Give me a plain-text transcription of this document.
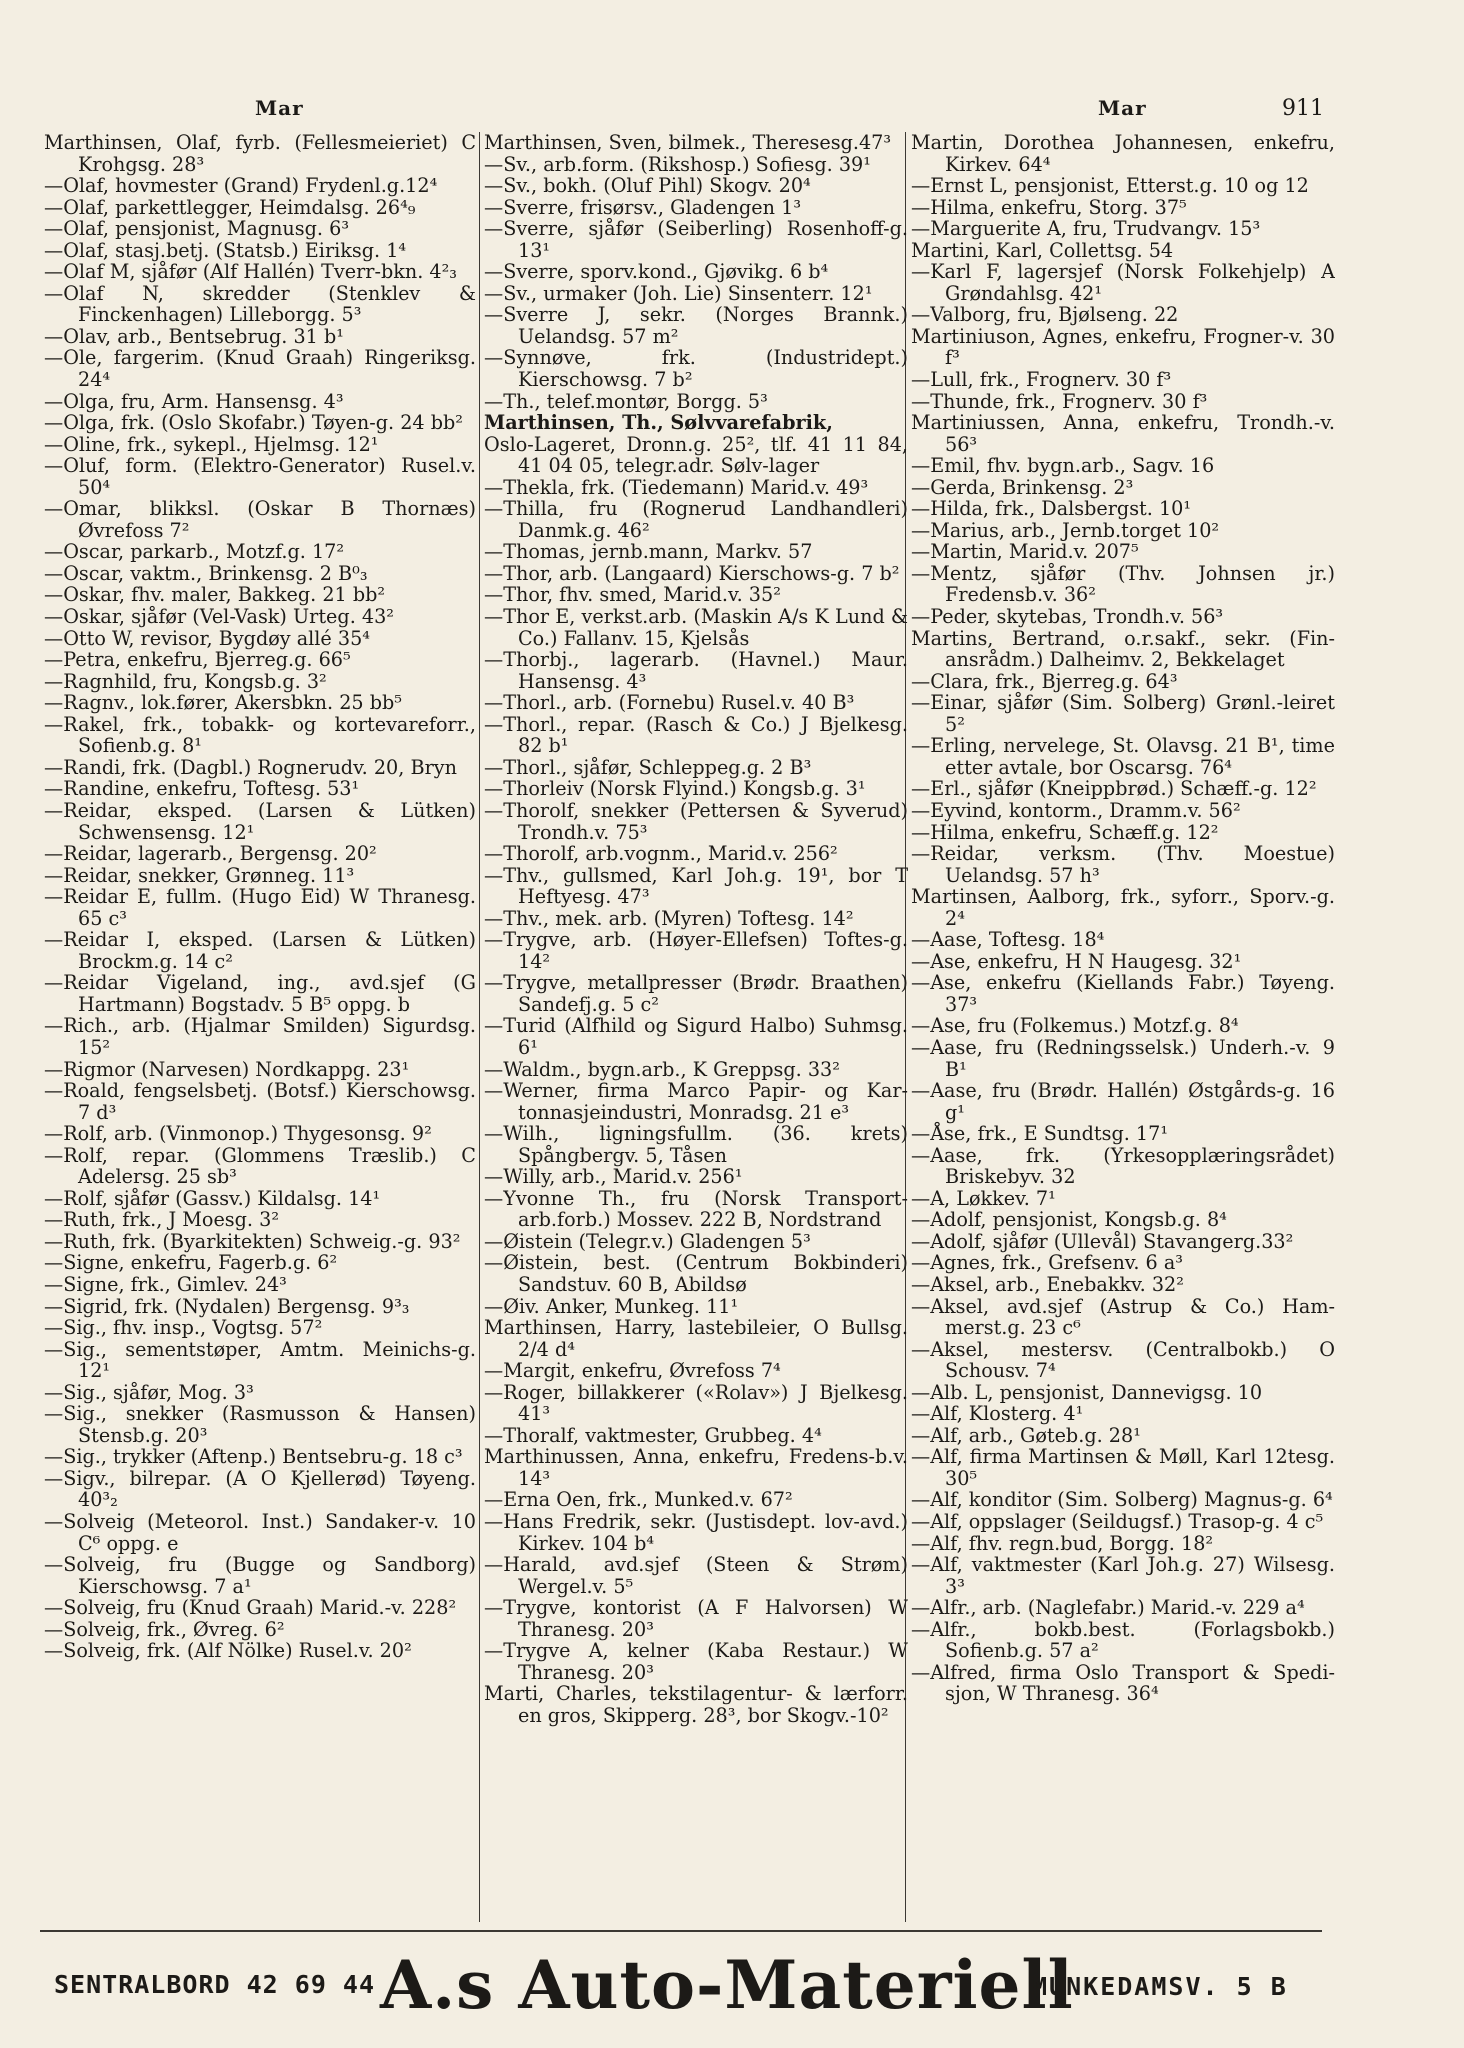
Mar	Mar	911

Marthinsen, Olaf, fyrb. (Fellesmeieriet) C Krohgsg. 28³

—Olaf, hovmester (Grand) Frydenl.g.12⁴

—Olaf, parkettlegger, Heimdalsg. 26⁴₉

—Olaf, pensjonist, Magnusg. 6³

—Olaf, stasj.betj. (Statsb.) Eiriksg. 1⁴

—Olaf M, sjåfør (Alf Hallén) Tverr-bkn. 4²₃

—Olaf N, skredder (Stenklev & Finckenhagen) Lilleborgg. 5³

—Olav, arb., Bentsebrug. 31 b¹

—Ole, fargerim. (Knud Graah) Ringeriksg. 24⁴

—Olga, fru, Arm. Hansensg. 4³

—Olga, frk. (Oslo Skofabr.) Tøyen-g. 24 bb²

—Oline, frk., sykepl., Hjelmsg. 12¹

—Oluf, form. (Elektro-Generator) Rusel.v. 50⁴

—Omar, blikksl. (Oskar B Thornæs) Øvrefoss 7²

—Oscar, parkarb., Motzf.g. 17²

—Oscar, vaktm., Brinkensg. 2 B⁰₃

—Oskar, fhv. maler, Bakkeg. 21 bb²

—Oskar, sjåfør (Vel-Vask) Urteg. 43²

—Otto W, revisor, Bygdøy allé 35⁴

—Petra, enkefru, Bjerreg.g. 66⁵

—Ragnhild, fru, Kongsb.g. 3²

—Ragnv., lok.fører, Akersbkn. 25 bb⁵

—Rakel, frk., tobakk- og kortevareforr., Sofienb.g. 8¹

—Randi, frk. (Dagbl.) Rognerudv. 20, Bryn

—Randine, enkefru, Toftesg. 53¹

—Reidar, eksped. (Larsen & Lütken) Schwensensg. 12¹

—Reidar, lagerarb., Bergensg. 20²

—Reidar, snekker, Grønneg. 11³

—Reidar E, fullm. (Hugo Eid) W Thranesg. 65 c³

—Reidar I, eksped. (Larsen & Lütken) Brockm.g. 14 c²

—Reidar Vigeland, ing., avd.sjef (G Hartmann) Bogstadv. 5 B⁵ oppg. b

—Rich., arb. (Hjalmar Smilden) Sigurdsg. 15²

—Rigmor (Narvesen) Nordkappg. 23¹

—Roald, fengselsbetj. (Botsf.) Kierschowsg. 7 d³

—Rolf, arb. (Vinmonop.) Thygesonsg. 9²

—Rolf, repar. (Glommens Træslib.) C Adelersg. 25 sb³

—Rolf, sjåfør (Gassv.) Kildalsg. 14¹

—Ruth, frk., J Moesg. 3²

—Ruth, frk. (Byarkitekten) Schweig.-g. 93²

—Signe, enkefru, Fagerb.g. 6²

—Signe, frk., Gimlev. 24³

—Sigrid, frk. (Nydalen) Bergensg. 9³₃

—Sig., fhv. insp., Vogtsg. 57²

—Sig., sementstøper, Amtm. Meinichs-g. 12¹

—Sig., sjåfør, Mog. 3³

—Sig., snekker (Rasmusson & Hansen) Stensb.g. 20³

—Sig., trykker (Aftenp.) Bentsebru-g. 18 c³

—Sigv., bilrepar. (A O Kjellerød) Tøyeng. 40³₂

—Solveig (Meteorol. Inst.) Sandaker-v. 10 C⁶ oppg. e

—Solveig, fru (Bugge og Sandborg) Kierschowsg. 7 a¹

—Solveig, fru (Knud Graah) Marid.-v. 228²

—Solveig, frk., Øvreg. 6²

—Solveig, frk. (Alf Nölke) Rusel.v. 20²

Marthinsen, Sven, bilmek., Theresesg.47³

—Sv., arb.form. (Rikshosp.) Sofiesg. 39¹

—Sv., bokh. (Oluf Pihl) Skogv. 20⁴

—Sverre, frisørsv., Gladengen 1³

—Sverre, sjåfør (Seiberling) Rosenhoff-g. 13¹

—Sverre, sporv.kond., Gjøvikg. 6 b⁴

—Sv., urmaker (Joh. Lie) Sinsenterr. 12¹

—Sverre J, sekr. (Norges Brannk.) Uelandsg. 57 m²

—Synnøve, frk. (Industridept.) Kierschowsg. 7 b²

—Th., telef.montør, Borgg. 5³

Marthinsen, Th., Sølvvarefabrik,

Oslo-Lageret, Dronn.g. 25², tlf. 41 11 84, 41 04 05, telegr.adr. Sølv-lager

—Thekla, frk. (Tiedemann) Marid.v. 49³

—Thilla, fru (Rognerud Landhandleri) Danmk.g. 46²

—Thomas, jernb.mann, Markv. 57

—Thor, arb. (Langaard) Kierschows-g. 7 b²

—Thor, fhv. smed, Marid.v. 35²

—Thor E, verkst.arb. (Maskin A/s K Lund & Co.) Fallanv. 15, Kjelsås

—Thorbj., lagerarb. (Havnel.) Maur. Hansensg. 4³

—Thorl., arb. (Fornebu) Rusel.v. 40 B³

—Thorl., repar. (Rasch & Co.) J Bjelkesg. 82 b¹

—Thorl., sjåfør, Schleppeg.g. 2 B³

—Thorleiv (Norsk Flyind.) Kongsb.g. 3¹

—Thorolf, snekker (Pettersen & Syverud) Trondh.v. 75³

—Thorolf, arb.vognm., Marid.v. 256²

—Thv., gullsmed, Karl Joh.g. 19¹, bor T Heftyesg. 47³

—Thv., mek. arb. (Myren) Toftesg. 14²

—Trygve, arb. (Høyer-Ellefsen) Toftes-g. 14²

—Trygve, metallpresser (Brødr. Braathen) Sandefj.g. 5 c²

—Turid (Alfhild og Sigurd Halbo) Suhmsg. 6¹

—Waldm., bygn.arb., K Greppsg. 33²

—Werner, firma Marco Papir- og Kar-tonnasjeindustri, Monradsg. 21 e³

—Wilh., ligningsfullm. (36. krets) Spångbergv. 5, Tåsen

—Willy, arb., Marid.v. 256¹

—Yvonne Th., fru (Norsk Transport-arb.forb.) Mossev. 222 B, Nordstrand

—Øistein (Telegr.v.) Gladengen 5³

—Øistein, best. (Centrum Bokbinderi) Sandstuv. 60 B, Abildsø

—Øiv. Anker, Munkeg. 11¹

Marthinsen, Harry, lastebileier, O Bullsg. 2/4 d⁴

—Margit, enkefru, Øvrefoss 7⁴

—Roger, billakkerer («Rolav») J Bjelkesg. 41³

—Thoralf, vaktmester, Grubbeg. 4⁴

Marthinussen, Anna, enkefru, Fredens-b.v. 14³

—Erna Oen, frk., Munked.v. 67²

—Hans Fredrik, sekr. (Justisdept. lov-avd.) Kirkev. 104 b⁴

—Harald, avd.sjef (Steen & Strøm) Wergel.v. 5⁵

—Trygve, kontorist (A F Halvorsen) W Thranesg. 20³

—Trygve A, kelner (Kaba Restaur.) W Thranesg. 20³

Marti, Charles, tekstilagentur- & lærforr. en gros, Skipperg. 28³, bor Skogv.-10²

Martin, Dorothea Johannesen, enkefru, Kirkev. 64⁴

—Ernst L, pensjonist, Etterst.g. 10 og 12

—Hilma, enkefru, Storg. 37⁵

—Marguerite A, fru, Trudvangv. 15³

Martini, Karl, Collettsg. 54

—Karl F, lagersjef (Norsk Folkehjelp) A Grøndahlsg. 42¹

—Valborg, fru, Bjølseng. 22

Martiniuson, Agnes, enkefru, Frogner-v. 30 f³

—Lull, frk., Frognerv. 30 f³

—Thunde, frk., Frognerv. 30 f³

Martiniussen, Anna, enkefru, Trondh.-v. 56³

—Emil, fhv. bygn.arb., Sagv. 16

—Gerda, Brinkensg. 2³

—Hilda, frk., Dalsbergst. 10¹

—Marius, arb., Jernb.torget 10²

—Martin, Marid.v. 207⁵

—Mentz, sjåfør (Thv. Johnsen jr.) Fredensb.v. 36²

—Peder, skytebas, Trondh.v. 56³

Martins, Bertrand, o.r.sakf., sekr. (Fin-ansrådm.) Dalheimv. 2, Bekkelaget

—Clara, frk., Bjerreg.g. 64³

—Einar, sjåfør (Sim. Solberg) Grønl.-leiret 5²

—Erling, nervelege, St. Olavsg. 21 B¹, time etter avtale, bor Oscarsg. 76⁴

—Erl., sjåfør (Kneippbrød.) Schæff.-g. 12²

—Eyvind, kontorm., Dramm.v. 56²

—Hilma, enkefru, Schæff.g. 12²

—Reidar, verksm. (Thv. Moestue) Uelandsg. 57 h³

Martinsen, Aalborg, frk., syforr., Sporv.-g. 2⁴

—Aase, Toftesg. 18⁴

—Ase, enkefru, H N Haugesg. 32¹

—Ase, enkefru (Kiellands Fabr.) Tøyeng. 37³

—Ase, fru (Folkemus.) Motzf.g. 8⁴

—Aase, fru (Redningsselsk.) Underh.-v. 9 B¹

—Aase, fru (Brødr. Hallén) Østgårds-g. 16 g¹

—Åse, frk., E Sundtsg. 17¹

—Aase, frk. (Yrkesopplæringsrådet) Briskebyv. 32

—A, Løkkev. 7¹

—Adolf, pensjonist, Kongsb.g. 8⁴

—Adolf, sjåfør (Ullevål) Stavangerg.33²

—Agnes, frk., Grefsenv. 6 a³

—Aksel, arb., Enebakkv. 32²

—Aksel, avd.sjef (Astrup & Co.) Ham-merst.g. 23 c⁶

—Aksel, mestersv. (Centralbokb.) O Schousv. 7⁴

—Alb. L, pensjonist, Dannevigsg. 10

—Alf, Klosterg. 4¹

—Alf, arb., Gøteb.g. 28¹

—Alf, firma Martinsen & Møll, Karl 12tesg. 30⁵

—Alf, konditor (Sim. Solberg) Magnus-g. 6⁴

—Alf, oppslager (Seildugsf.) Trasop-g. 4 c⁵

—Alf, fhv. regn.bud, Borgg. 18²

—Alf, vaktmester (Karl Joh.g. 27) Wilsesg. 3³

—Alfr., arb. (Naglefabr.) Marid.-v. 229 a⁴

—Alfr., bokb.best. (Forlagsbokb.) Sofienb.g. 57 a²

—Alfred, firma Oslo Transport & Spedi-sjon, W Thranesg. 36⁴

SENTRALBORD 42 69 44 A.s Auto-Materiell
MUNKEDAMSV. 5 B
